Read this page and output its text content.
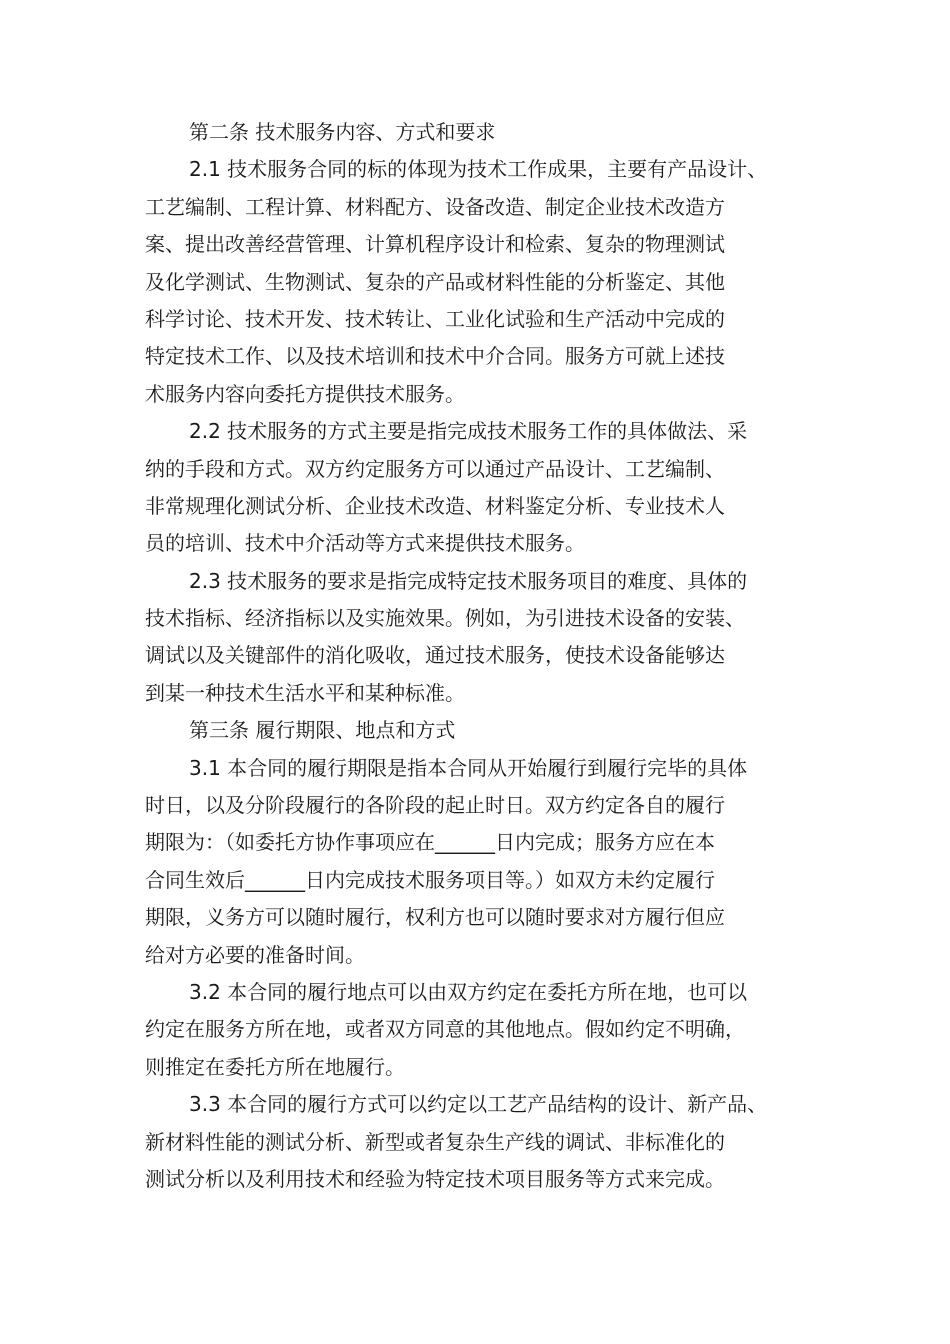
第二条 技术服务内容、方式和要求
2.1 技术服务合同的标的体现为技术工作成果，主要有产品设计、
工艺编制、工程计算、材料配方、设备改造、制定企业技术改造方
案、提出改善经营管理、计算机程序设计和检索、复杂的物理测试
及化学测试、生物测试、复杂的产品或材料性能的分析鉴定、其他
科学讨论、技术开发、技术转让、工业化试验和生产活动中完成的
特定技术工作、以及技术培训和技术中介合同。服务方可就上述技
术服务内容向委托方提供技术服务。
2.2 技术服务的方式主要是指完成技术服务工作的具体做法、采
纳的手段和方式。双方约定服务方可以通过产品设计、工艺编制、
非常规理化测试分析、企业技术改造、材料鉴定分析、专业技术人
员的培训、技术中介活动等方式来提供技术服务。
2.3 技术服务的要求是指完成特定技术服务项目的难度、具体的
技术指标、经济指标以及实施效果。例如，为引进技术设备的安装、
调试以及关键部件的消化吸收，通过技术服务，使技术设备能够达
到某一种技术生活水平和某种标准。
第三条 履行期限、地点和方式
3.1 本合同的履行期限是指本合同从开始履行到履行完毕的具体
时日，以及分阶段履行的各阶段的起止时日。双方约定各自的履行
期限为：（如委托方协作事项应在______日内完成；服务方应在本
合同生效后______日内完成技术服务项目等。）如双方未约定履行
期限，义务方可以随时履行，权利方也可以随时要求对方履行但应
给对方必要的准备时间。
3.2 本合同的履行地点可以由双方约定在委托方所在地，也可以
约定在服务方所在地，或者双方同意的其他地点。假如约定不明确，
则推定在委托方所在地履行。
3.3 本合同的履行方式可以约定以工艺产品结构的设计、新产品、
新材料性能的测试分析、新型或者复杂生产线的调试、非标准化的
测试分析以及利用技术和经验为特定技术项目服务等方式来完成。
